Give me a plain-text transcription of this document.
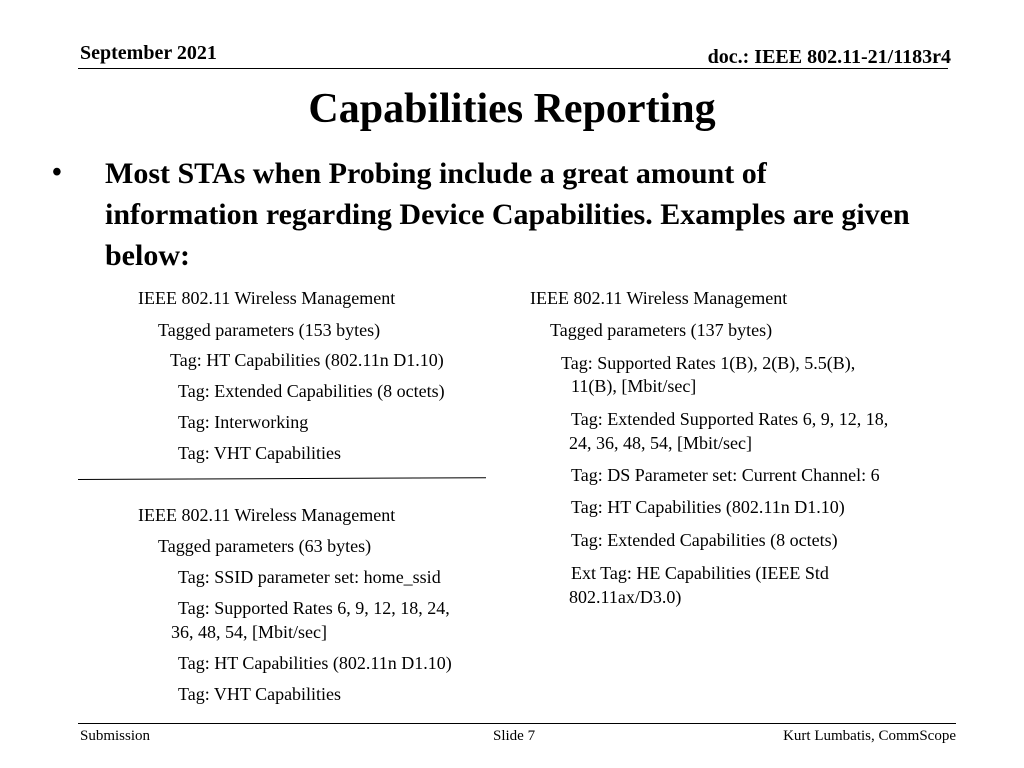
September 2021	doc.: IEEE 802.11-21/1183r4
Capabilities Reporting
• Most STAs when Probing include a great amount of information regarding Device Capabilities. Examples are given below:
IEEE 802.11 Wireless Management
Tagged parameters (153 bytes)
Tag: HT Capabilities (802.11n D1.10)
Tag: Extended Capabilities (8 octets)
Tag: Interworking
Tag: VHT Capabilities
IEEE 802.11 Wireless Management
Tagged parameters (63 bytes)
Tag: SSID parameter set: home_ssid
Tag: Supported Rates 6, 9, 12, 18, 24,
36, 48, 54, [Mbit/sec]
Tag: HT Capabilities (802.11n D1.10)
Tag: VHT Capabilities
IEEE 802.11 Wireless Management
Tagged parameters (137 bytes)
Tag: Supported Rates 1(B), 2(B), 5.5(B),
11(B), [Mbit/sec]
Tag: Extended Supported Rates 6, 9, 12, 18,
24, 36, 48, 54, [Mbit/sec]
Tag: DS Parameter set: Current Channel: 6
Tag: HT Capabilities (802.11n D1.10)
Tag: Extended Capabilities (8 octets)
Ext Tag: HE Capabilities (IEEE Std
802.11ax/D3.0)
Submission	Slide 7	Kurt Lumbatis, CommScope
